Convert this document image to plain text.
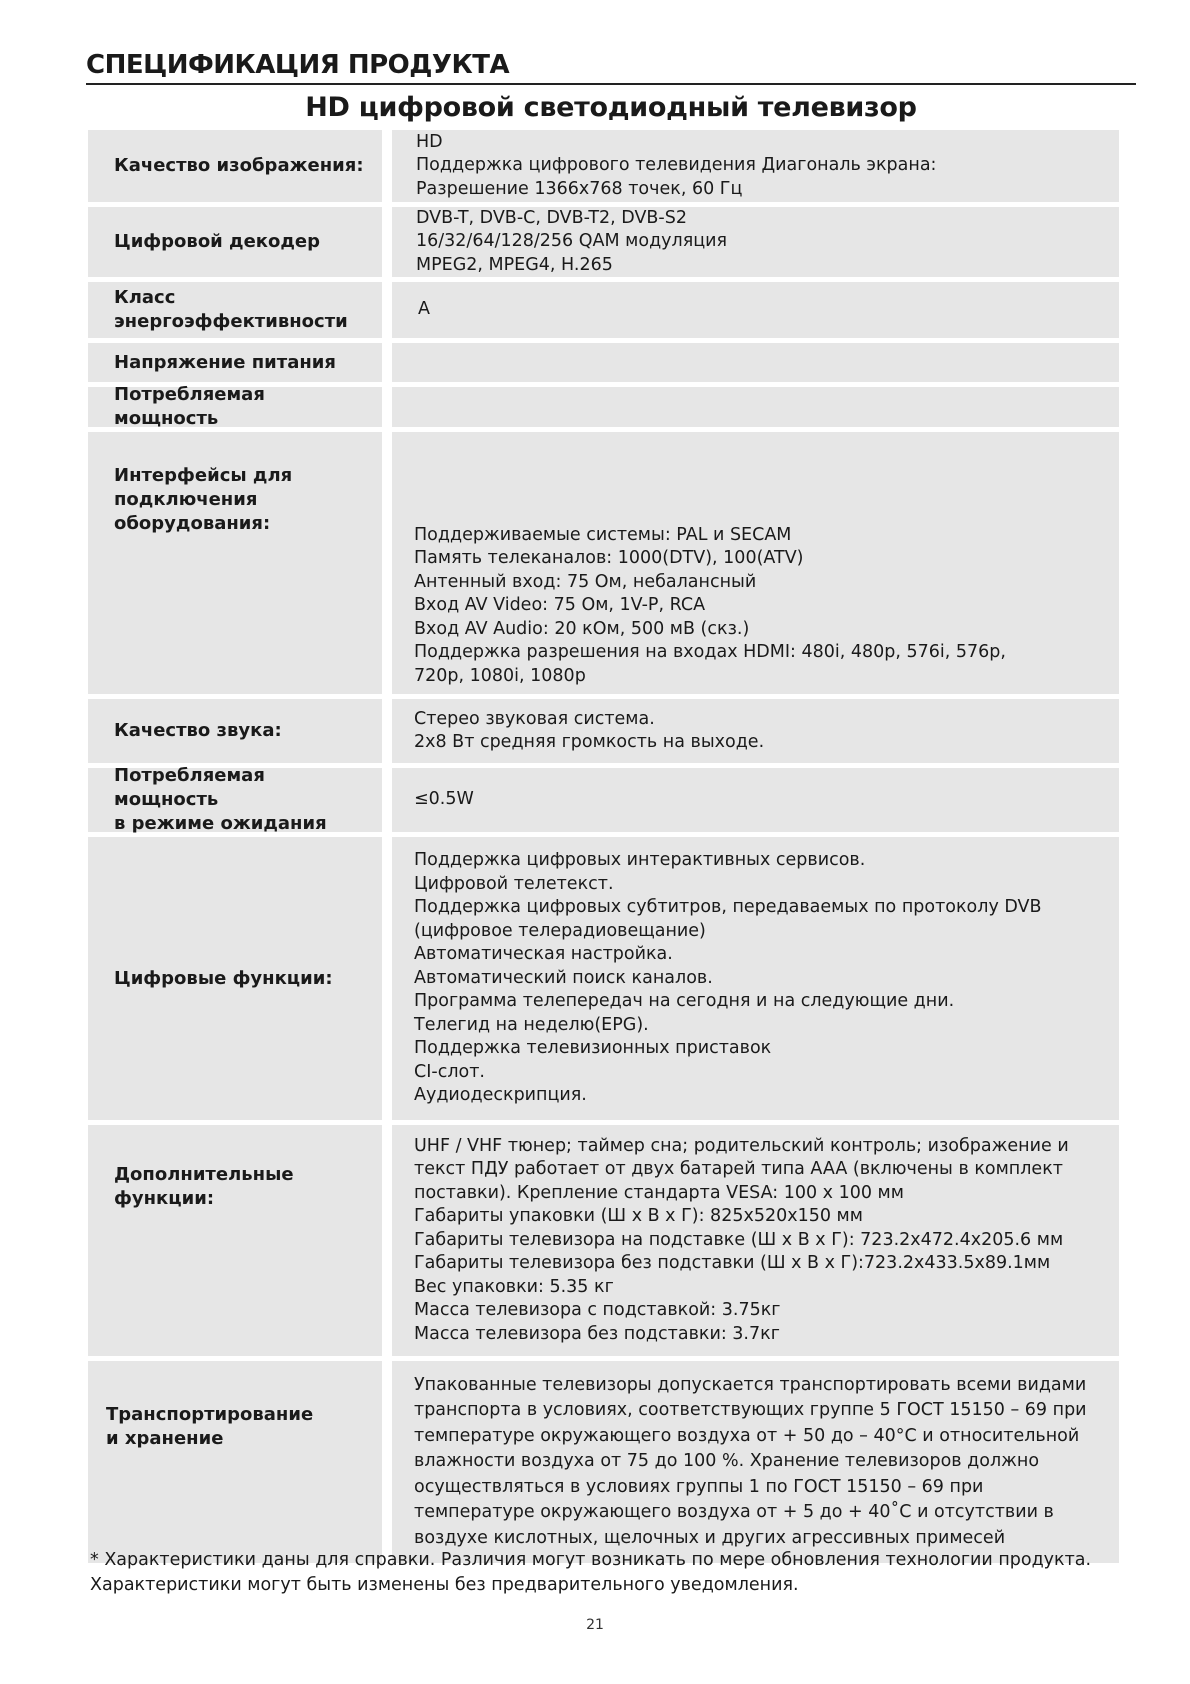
СПЕЦИФИКАЦИЯ ПРОДУКТА
HD цифровой светодиодный телевизор
Качество изображения:
HD
Поддержка цифрового телевидения Диагональ экрана:
Разрешение 1366x768 точек, 60 Гц
Цифровой декодер
DVB-T, DVB-C, DVB-T2, DVB-S2
16/32/64/128/256 QAM модуляция
MPEG2, MPEG4, H.265
Класс
энергоэффективности
A
Напряжение питания
Потребляемая мощность
Интерфейсы для
подключения
оборудования:
Поддерживаемые системы: PAL и SECAM
Память телеканалов: 1000(DTV), 100(ATV)
Антенный вход: 75 Ом, небалансный
Вход AV Video: 75 Ом, 1V-P, RCA
Вход AV Audio: 20 кОм, 500 мВ (скз.)
Поддержка разрешения на входах HDMI: 480i, 480p, 576i, 576p,
720p, 1080i, 1080p
Качество звука:
Стерео звуковая система.
2x8 Вт средняя громкость на выходе.
Потребляемая мощность
в режиме ожидания
≤0.5W
Цифровые функции:
Поддержка цифровых интерактивных сервисов.
Цифровой телетекст.
Поддержка цифровых субтитров, передаваемых по протоколу DVB
(цифровое телерадиовещание)
Автоматическая настройка.
Автоматический поиск каналов.
Программа телепередач на сегодня и на следующие дни.
Телегид на неделю(EPG).
Поддержка телевизионных приставок
CI-слот.
Аудиодескрипция.
Дополнительные
функции:
UHF / VHF тюнер; таймер сна; родительский контроль; изображение и
текст ПДУ работает от двух батарей типа AAA (включены в комплект
поставки). Крепление стандарта VESA: 100 x 100 мм
Габариты упаковки (Ш x В x Г): 825x520x150 мм
Габариты телевизора на подставке (Ш x В x Г): 723.2x472.4x205.6 мм
Габариты телевизора без подставки (Ш x В x Г):723.2x433.5x89.1мм
Вес упаковки: 5.35 кг
Масса телевизора с подставкой: 3.75кг
Масса телевизора без подставки: 3.7кг
Транспортирование
и хранение
Упакованные телевизоры допускается транспортировать всеми видами транспорта в условиях, соответствующих группе 5 ГОСТ 15150 – 69 при температуре окружающего воздуха от + 50 до – 40°C и относительной влажности воздуха от 75 до 100 %. Хранение телевизоров должно осуществляться в условиях группы 1 по ГОСТ 15150 – 69 при температуре окружающего воздуха от + 5 до + 40˚С и отсутствии в воздухе кислотных, щелочных и других агрессивных примесей
* Характеристики даны для справки. Различия могут возникать по мере обновления технологии продукта.
Характеристики могут быть изменены без предварительного уведомления.
21
